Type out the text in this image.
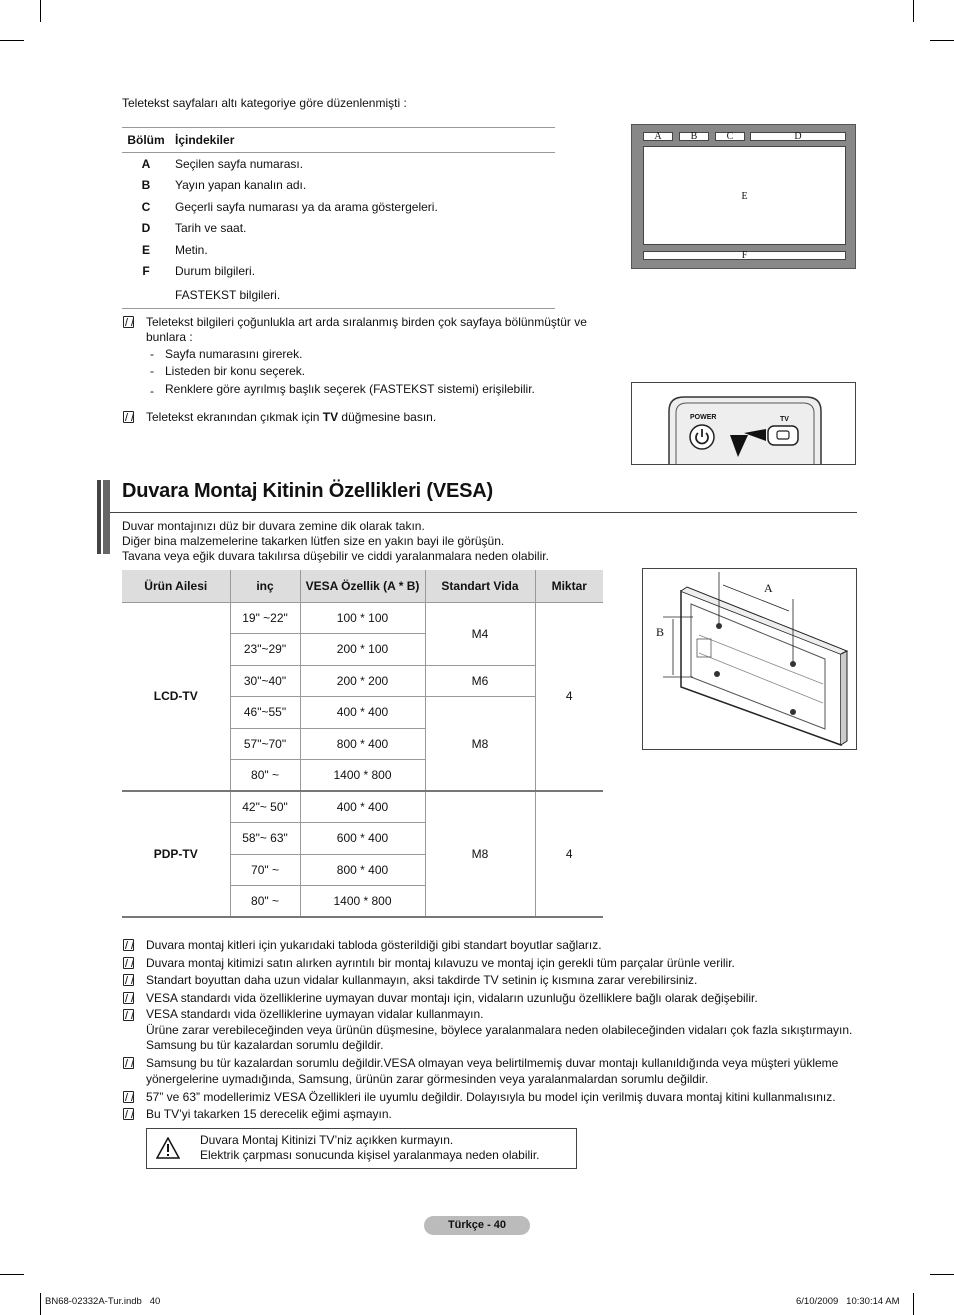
Teletekst sayfaları altı kategoriye göre düzenlenmişti :
Bölüm İçindekiler
A	Seçilen sayfa numarası.
B	Yayın yapan kanalın adı.
C	Geçerli sayfa numarası ya da arama göstergeleri.
D	Tarih ve saat.
E	Metin.
F	Durum bilgileri.
FASTEKST bilgileri.
A	B	C	D
E
F
Teletekst bilgileri çoğunlukla art arda sıralanmış birden çok sayfaya bölünmüştür ve bunlara :
- Sayfa numarasını girerek.
- Listeden bir konu seçerek.
- Renklere göre ayrılmış başlık seçerek (FASTEKST sistemi) erişilebilir.
Teletekst ekranından çıkmak için TV düğmesine basın.	POWER	TV
Duvara Montaj Kitinin Özellikleri (VESA)
Duvar montajınızı düz bir duvara zemine dik olarak takın.
Diğer bina malzemelerine takarken lütfen size en yakın bayi ile görüşün.
Tavana veya eğik duvara takılırsa düşebilir ve ciddi yaralanmalara neden olabilir.
Ürün Ailesi	inç	VESA Özellik (A * B)	Standart Vida	Miktar
LCD-TV	19" ~22"	100 * 100	M4	4
	23"~29"	200 * 100		
	30"~40"	200 * 200	M6	
	46"~55"	400 * 400	M8	
	57"~70"	800 * 400		
	80" ~	1400 * 800		
PDP-TV	42"~ 50"	400 * 400	M8	4
	58"~ 63"	600 * 400		
	70" ~	800 * 400		
	80" ~	1400 * 800		
A
B
Duvara montaj kitleri için yukarıdaki tabloda gösterildiği gibi standart boyutlar sağlarız.
Duvara montaj kitimizi satın alırken ayrıntılı bir montaj kılavuzu ve montaj için gerekli tüm parçalar ürünle verilir.
Standart boyuttan daha uzun vidalar kullanmayın, aksi takdirde TV setinin iç kısmına zarar verebilirsiniz.
VESA standardı vida özelliklerine uymayan duvar montajı için, vidaların uzunluğu özelliklere bağlı olarak değişebilir.
VESA standardı vida özelliklerine uymayan vidalar kullanmayın.
Ürüne zarar verebileceğinden veya ürünün düşmesine, böylece yaralanmalara neden olabileceğinden vidaları çok fazla sıkıştırmayın.
Samsung bu tür kazalardan sorumlu değildir.
Samsung bu tür kazalardan sorumlu değildir.VESA olmayan veya belirtilmemiş duvar montajı kullanıldığında veya müşteri yükleme yönergelerine uymadığında, Samsung, ürünün zarar görmesinden veya yaralanmalardan sorumlu değildir.
57” ve 63” modellerimiz VESA Özellikleri ile uyumlu değildir. Dolayısıyla bu model için verilmiş duvara montaj kitini kullanmalısınız.
Bu TV’yi takarken 15 derecelik eğimi aşmayın.
Duvara Montaj Kitinizi TV’niz açıkken kurmayın.
Elektrik çarpması sonucunda kişisel yaralanmaya neden olabilir.
Türkçe - 40
BN68-02332A-Tur.indb   40	6/10/2009   10:30:14 AM
